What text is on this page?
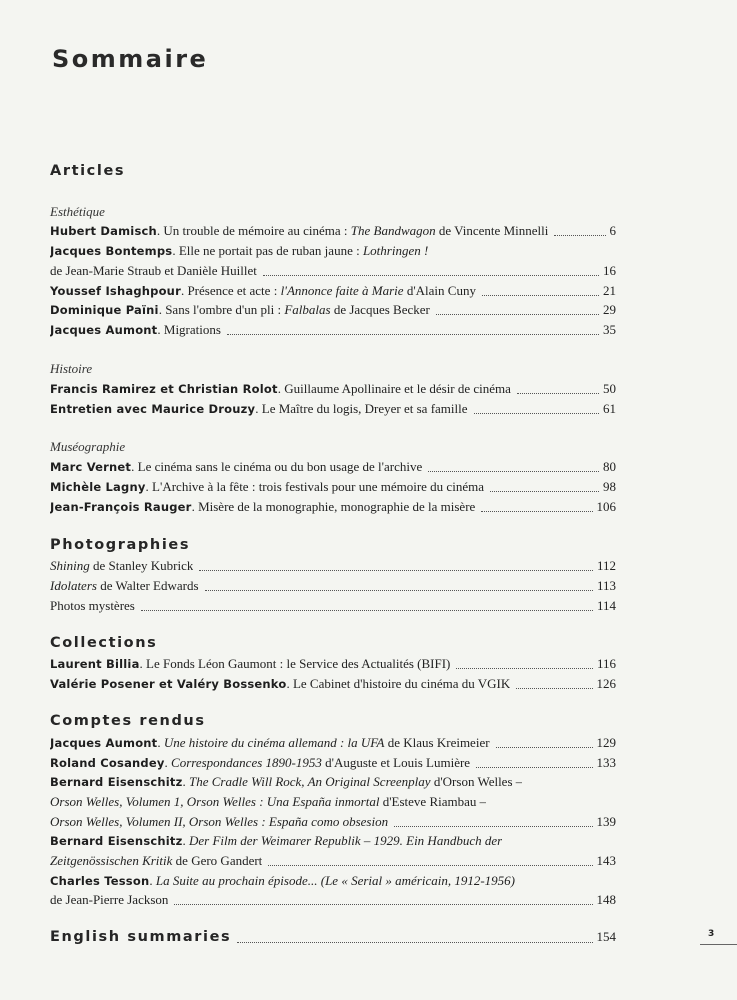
Sommaire
Articles
Esthétique
Hubert Damisch. Un trouble de mémoire au cinéma : The Bandwagon de Vincente Minnelli	6
Jacques Bontemps. Elle ne portait pas de ruban jaune : Lothringen !
de Jean-Marie Straub et Danièle Huillet	16
Youssef Ishaghpour. Présence et acte : l'Annonce faite à Marie d'Alain Cuny	21
Dominique Païni. Sans l'ombre d'un pli : Falbalas de Jacques Becker	29
Jacques Aumont. Migrations	35
Histoire
Francis Ramirez et Christian Rolot. Guillaume Apollinaire et le désir de cinéma	50
Entretien avec Maurice Drouzy. Le Maître du logis, Dreyer et sa famille	61
Muséographie
Marc Vernet. Le cinéma sans le cinéma ou du bon usage de l'archive	80
Michèle Lagny. L'Archive à la fête : trois festivals pour une mémoire du cinéma	98
Jean-François Rauger. Misère de la monographie, monographie de la misère	106
Photographies
Shining de Stanley Kubrick	112
Idolaters de Walter Edwards	113
Photos mystères	114
Collections
Laurent Billia. Le Fonds Léon Gaumont : le Service des Actualités (BIFI)	116
Valérie Posener et Valéry Bossenko. Le Cabinet d'histoire du cinéma du VGIK	126
Comptes rendus
Jacques Aumont. Une histoire du cinéma allemand : la UFA de Klaus Kreimeier	129
Roland Cosandey. Correspondances 1890-1953 d'Auguste et Louis Lumière	133
Bernard Eisenschitz. The Cradle Will Rock, An Original Screenplay d'Orson Welles –
Orson Welles, Volumen 1, Orson Welles : Una España inmortal d'Esteve Riambau –
Orson Welles, Volumen II, Orson Welles : España como obsesion	139
Bernard Eisenschitz. Der Film der Weimarer Republik – 1929. Ein Handbuch der
Zeitgenössischen Kritik de Gero Gandert	143
Charles Tesson. La Suite au prochain épisode... (Le « Serial » américain, 1912-1956)
de Jean-Pierre Jackson	148
English summaries	154	3
